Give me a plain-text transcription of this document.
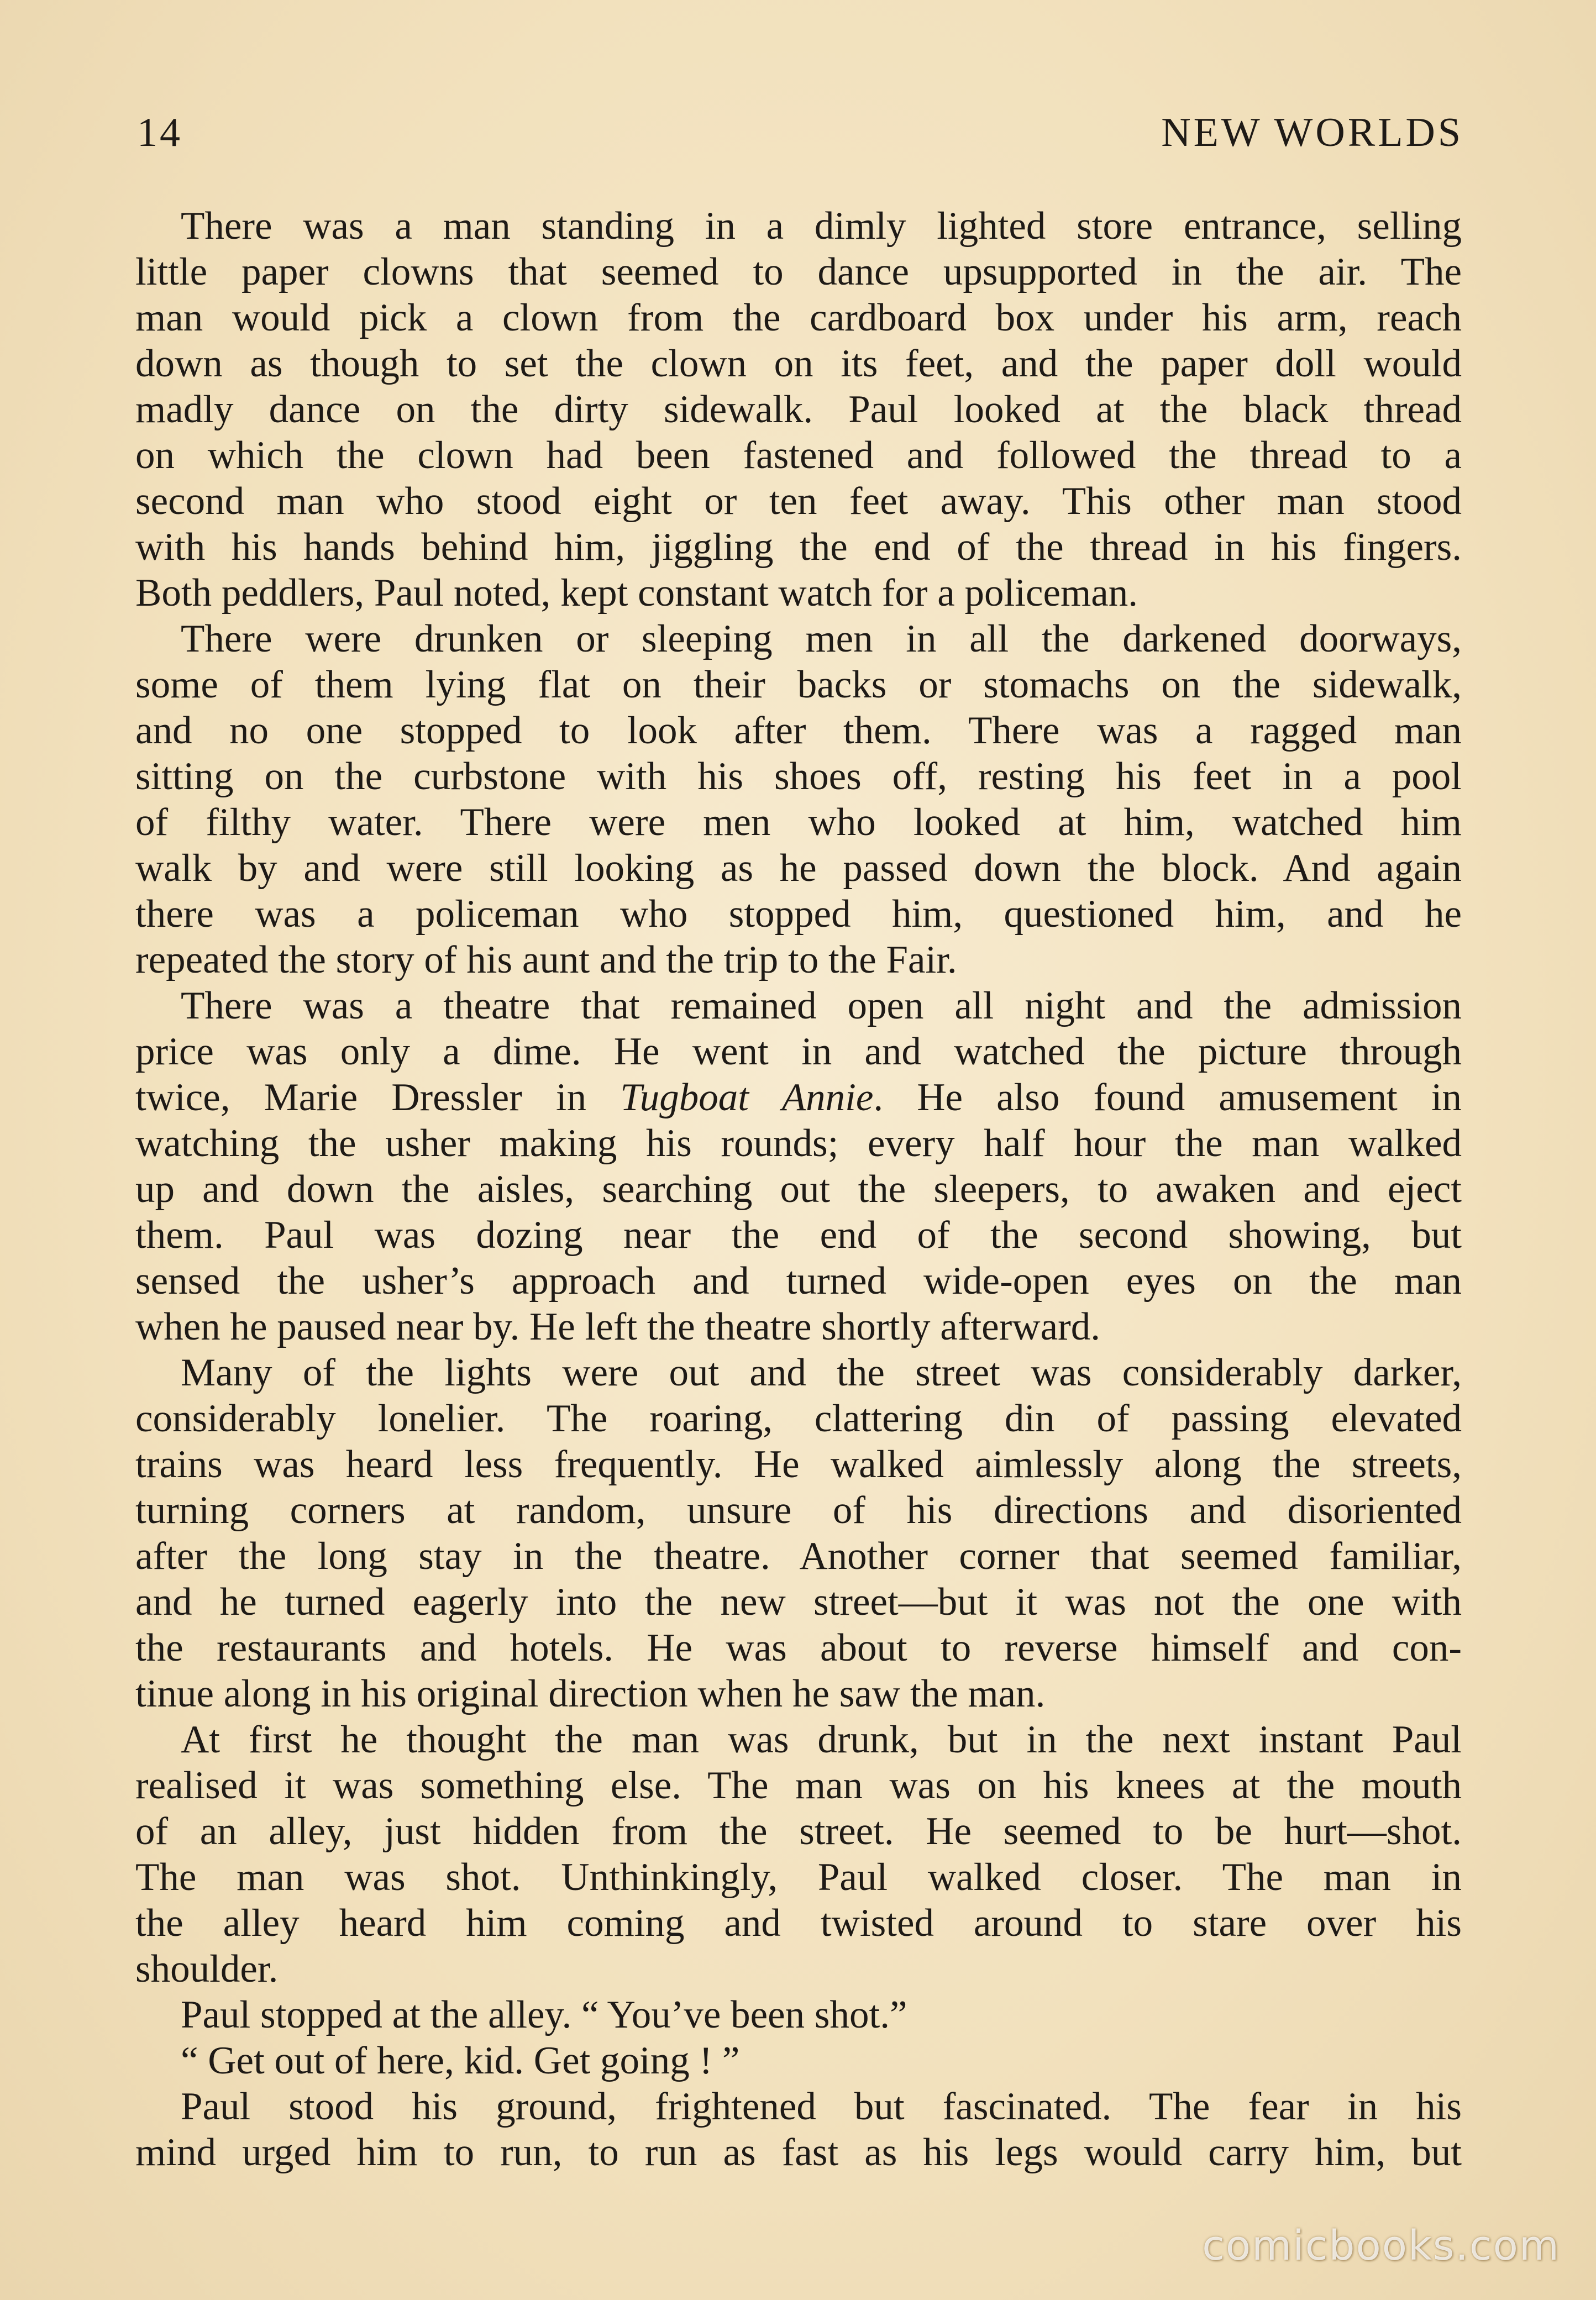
14	NEW WORLDS
There was a man standing in a dimly lighted store entrance, selling
little paper clowns that seemed to dance upsupported in the air. The
man would pick a clown from the cardboard box under his arm, reach
down as though to set the clown on its feet, and the paper doll would
madly dance on the dirty sidewalk. Paul looked at the black thread
on which the clown had been fastened and followed the thread to a
second man who stood eight or ten feet away. This other man stood
with his hands behind him, jiggling the end of the thread in his fingers.
Both peddlers, Paul noted, kept constant watch for a policeman.
There were drunken or sleeping men in all the darkened doorways,
some of them lying flat on their backs or stomachs on the sidewalk,
and no one stopped to look after them. There was a ragged man
sitting on the curbstone with his shoes off, resting his feet in a pool
of filthy water. There were men who looked at him, watched him
walk by and were still looking as he passed down the block. And again
there was a policeman who stopped him, questioned him, and he
repeated the story of his aunt and the trip to the Fair.
There was a theatre that remained open all night and the admission
price was only a dime. He went in and watched the picture through
twice, Marie Dressler in Tugboat Annie. He also found amusement in
watching the usher making his rounds; every half hour the man walked
up and down the aisles, searching out the sleepers, to awaken and eject
them. Paul was dozing near the end of the second showing, but
sensed the usher’s approach and turned wide-open eyes on the man
when he paused near by. He left the theatre shortly afterward.
Many of the lights were out and the street was considerably darker,
considerably lonelier. The roaring, clattering din of passing elevated
trains was heard less frequently. He walked aimlessly along the streets,
turning corners at random, unsure of his directions and disoriented
after the long stay in the theatre. Another corner that seemed familiar,
and he turned eagerly into the new street—but it was not the one with
the restaurants and hotels. He was about to reverse himself and con-
tinue along in his original direction when he saw the man.
At first he thought the man was drunk, but in the next instant Paul
realised it was something else. The man was on his knees at the mouth
of an alley, just hidden from the street. He seemed to be hurt—shot.
The man was shot. Unthinkingly, Paul walked closer. The man in
the alley heard him coming and twisted around to stare over his
shoulder.
Paul stopped at the alley. “ You’ve been shot.”
“ Get out of here, kid. Get going ! ”
Paul stood his ground, frightened but fascinated. The fear in his
mind urged him to run, to run as fast as his legs would carry him, but
comicbooks.com
